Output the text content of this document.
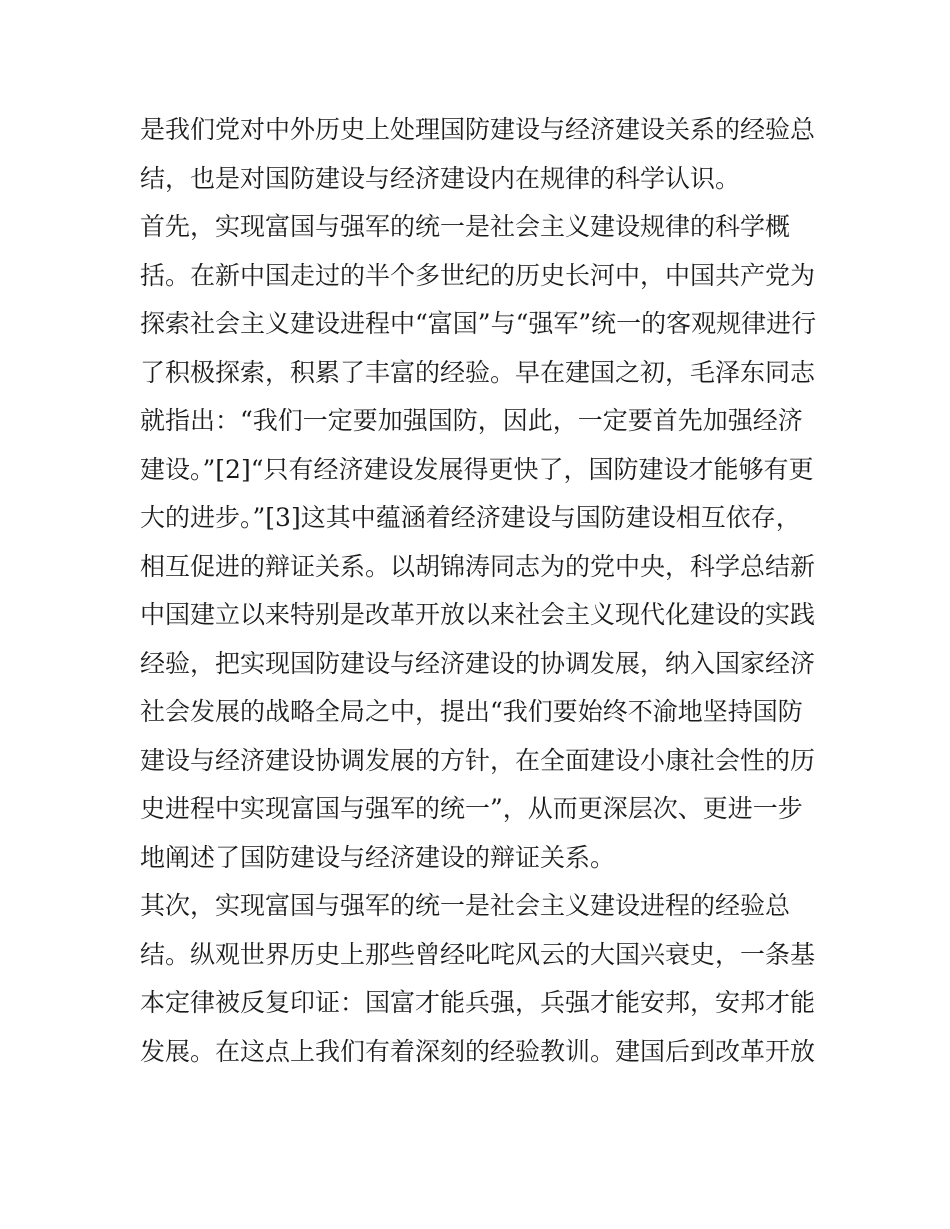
是我们党对中外历史上处理国防建设与经济建设关系的经验总
结，也是对国防建设与经济建设内在规律的科学认识。
首先，实现富国与强军的统一是社会主义建设规律的科学概
括。在新中国走过的半个多世纪的历史长河中，中国共产党为
探索社会主义建设进程中“富国”与“强军”统一的客观规律进行
了积极探索，积累了丰富的经验。早在建国之初，毛泽东同志
就指出：“我们一定要加强国防，因此，一定要首先加强经济
建设。”[2]“只有经济建设发展得更快了，国防建设才能够有更
大的进步。”[3]这其中蕴涵着经济建设与国防建设相互依存，
相互促进的辩证关系。以胡锦涛同志为的党中央，科学总结新
中国建立以来特别是改革开放以来社会主义现代化建设的实践
经验，把实现国防建设与经济建设的协调发展，纳入国家经济
社会发展的战略全局之中，提出“我们要始终不渝地坚持国防
建设与经济建设协调发展的方针，在全面建设小康社会性的历
史进程中实现富国与强军的统一”，从而更深层次、更进一步
地阐述了国防建设与经济建设的辩证关系。
其次，实现富国与强军的统一是社会主义建设进程的经验总
结。纵观世界历史上那些曾经叱咤风云的大国兴衰史，一条基
本定律被反复印证：国富才能兵强，兵强才能安邦，安邦才能
发展。在这点上我们有着深刻的经验教训。建国后到改革开放
